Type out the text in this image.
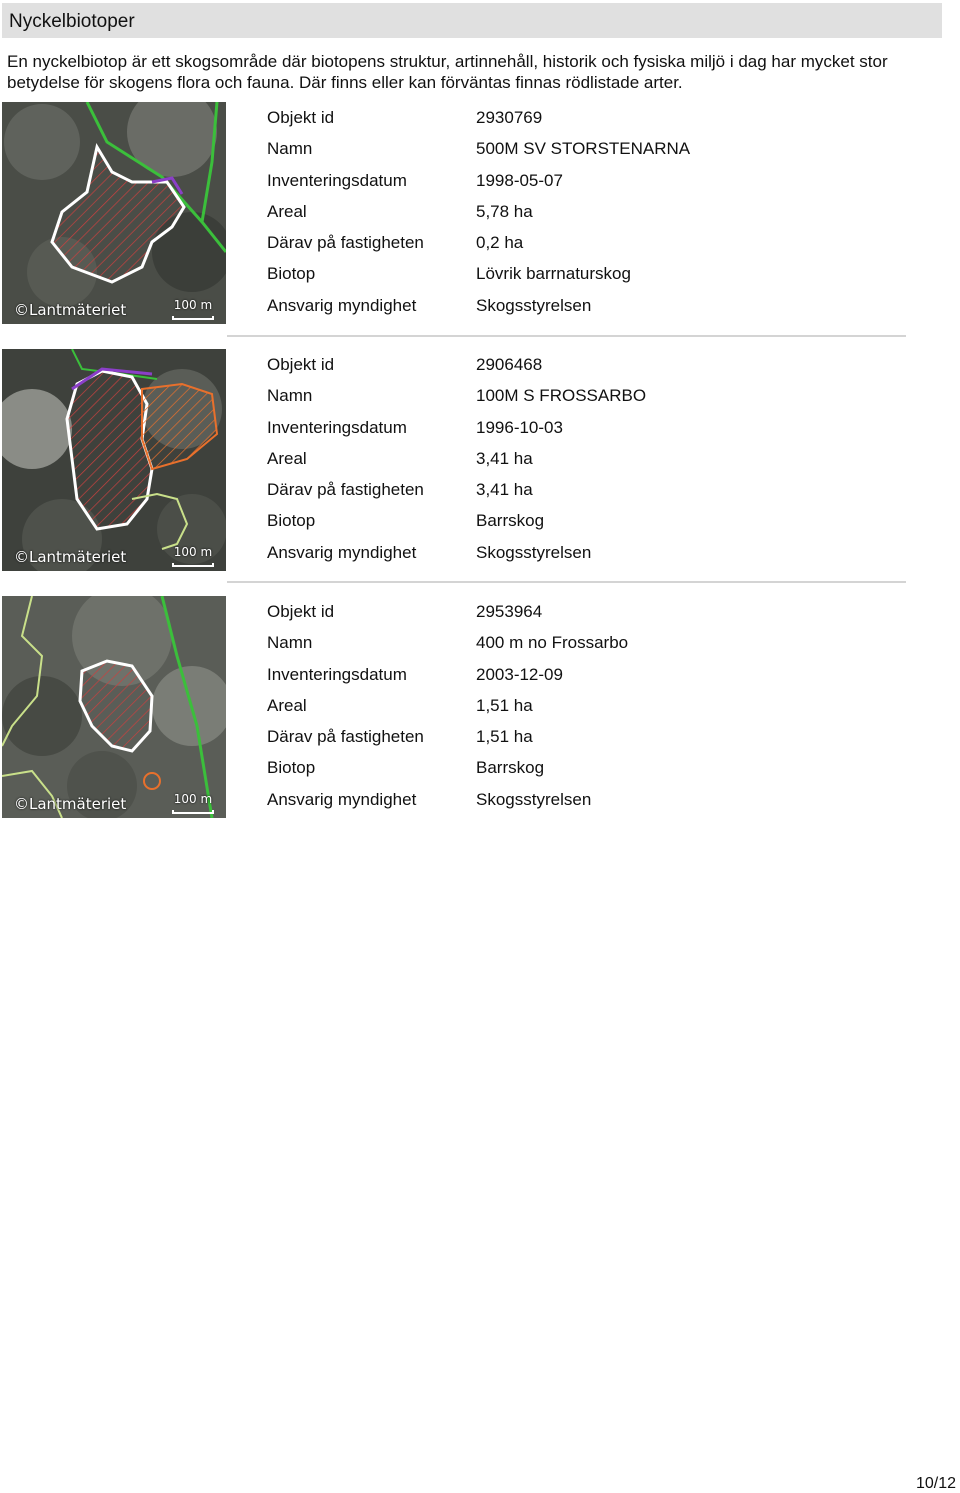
Nyckelbiotoper
En nyckelbiotop är ett skogsområde där biotopens struktur, artinnehåll, historik och fysiska miljö i dag har mycket stor betydelse för skogens flora och fauna. Där finns eller kan förväntas finnas rödlistade arter.
©Lantmäteriet	100 m
Objekt id	2930769
Namn	500M SV STORSTENARNA
Inventeringsdatum	1998-05-07
Areal	5,78 ha
Därav på fastigheten	0,2 ha
Biotop	Lövrik barrnaturskog
Ansvarig myndighet	Skogsstyrelsen
©Lantmäteriet	100 m
Objekt id	2906468
Namn	100M S FROSSARBO
Inventeringsdatum	1996-10-03
Areal	3,41 ha
Därav på fastigheten	3,41 ha
Biotop	Barrskog
Ansvarig myndighet	Skogsstyrelsen
©Lantmäteriet	100 m
Objekt id	2953964
Namn	400 m no Frossarbo
Inventeringsdatum	2003-12-09
Areal	1,51 ha
Därav på fastigheten	1,51 ha
Biotop	Barrskog
Ansvarig myndighet	Skogsstyrelsen
10/12
